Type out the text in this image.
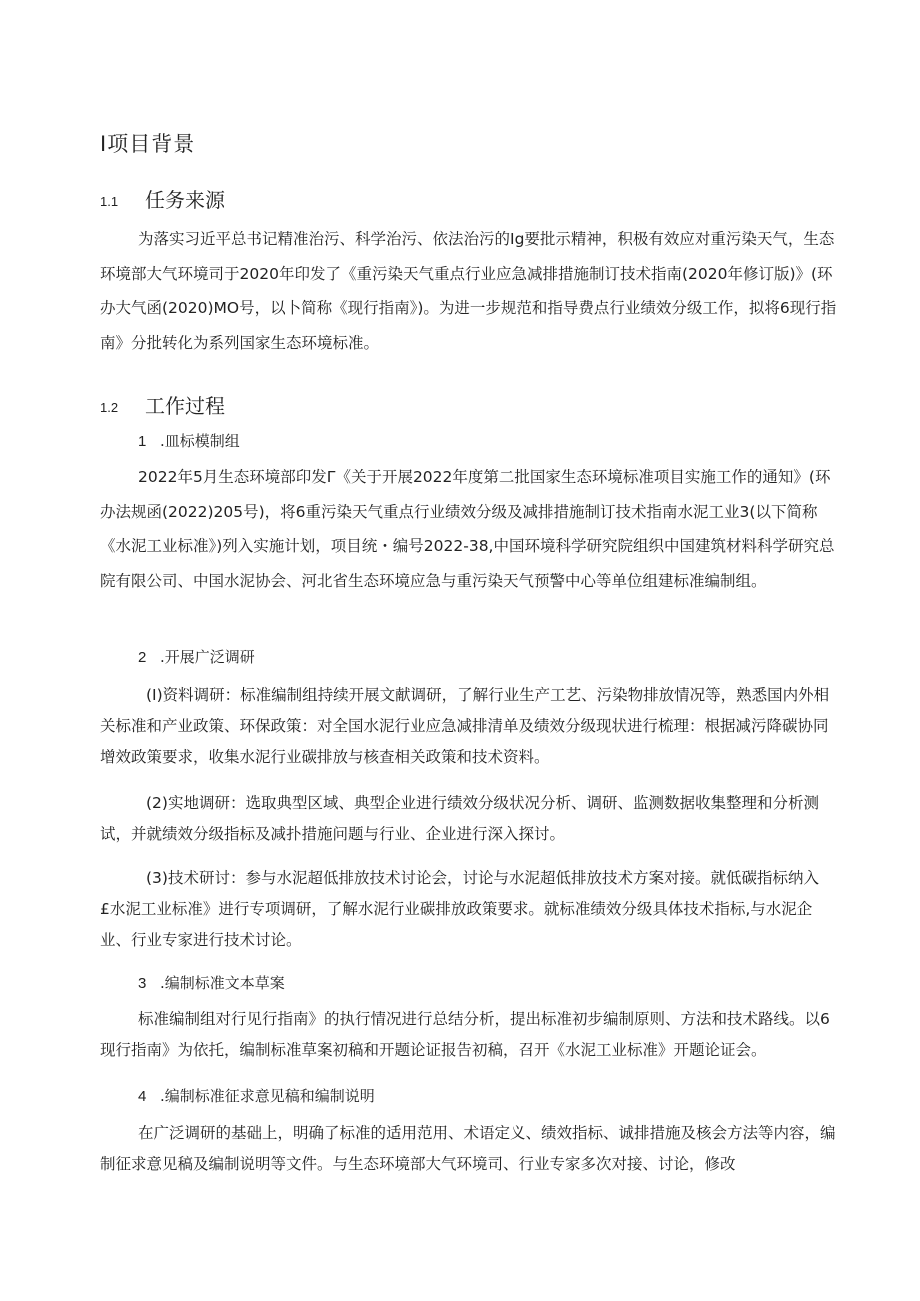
I项目背景
1.1 任务来源
为落实习近平总书记精准治污、科学治污、依法治污的Ig要批示精神，积极有效应对重污染天气，生态环境部大气环境司于2020年印发了《重污染天气重点行业应急减排措施制订技术指南(2020年修订版)》(环办大气函(2020)MO号，以卜简称《现行指南》)。为进一步规范和指导费点行业绩效分级工作，拟将6现行指南》分批转化为系列国家生态环境标准。
1.2 工作过程
1 .皿标模制组
2022年5月生态环境部印发Γ《关于开展2022年度第二批国家生态环境标准项目实施工作的通知》(环办法规函(2022)205号)，将6重污染天气重点行业绩效分级及减排措施制订技术指南水泥工业3(以下简称《水泥工业标准》)列入实施计划，项目统・编号2022-38,中国环境科学研究院组织中国建筑材料科学研究总院有限公司、中国水泥协会、河北省生态环境应急与重污染天气预警中心等单位组建标准编制组。
2 .开展广泛调研
(I)资料调研：标准编制组持续开展文献调研，了解行业生产工艺、污染物排放情况等，熟悉国内外相关标准和产业政策、环保政策：对全国水泥行业应急减排清单及绩效分级现状进行梳理：根据减污降碳协同增效政策要求，收集水泥行业碳排放与核查相关政策和技术资料。
(2)实地调研：选取典型区域、典型企业进行绩效分级状况分析、调研、监测数据收集整理和分析测试，并就绩效分级指标及减扑措施问题与行业、企业进行深入探讨。
(3)技术研讨：参与水泥超低排放技术讨论会，讨论与水泥超低排放技术方案对接。就低碳指标纳入£水泥工业标准》进行专项调研，了解水泥行业碳排放政策要求。就标准绩效分级具体技术指标,与水泥企业、行业专家进行技术讨论。
3 .编制标准文本草案
标准编制组对行见行指南》的执行情况进行总结分析，提出标准初步编制原则、方法和技术路线。以6现行指南》为依托，编制标准草案初稿和开题论证报告初稿，召开《水泥工业标准》开题论证会。
4 .编制标准征求意见稿和编制说明
在广泛调研的基础上，明确了标准的适用范用、术语定义、绩效指标、诚排措施及核会方法等内容，编制征求意见稿及编制说明等文件。与生态环境部大气环境司、行业专家多次对接、讨论，修改
